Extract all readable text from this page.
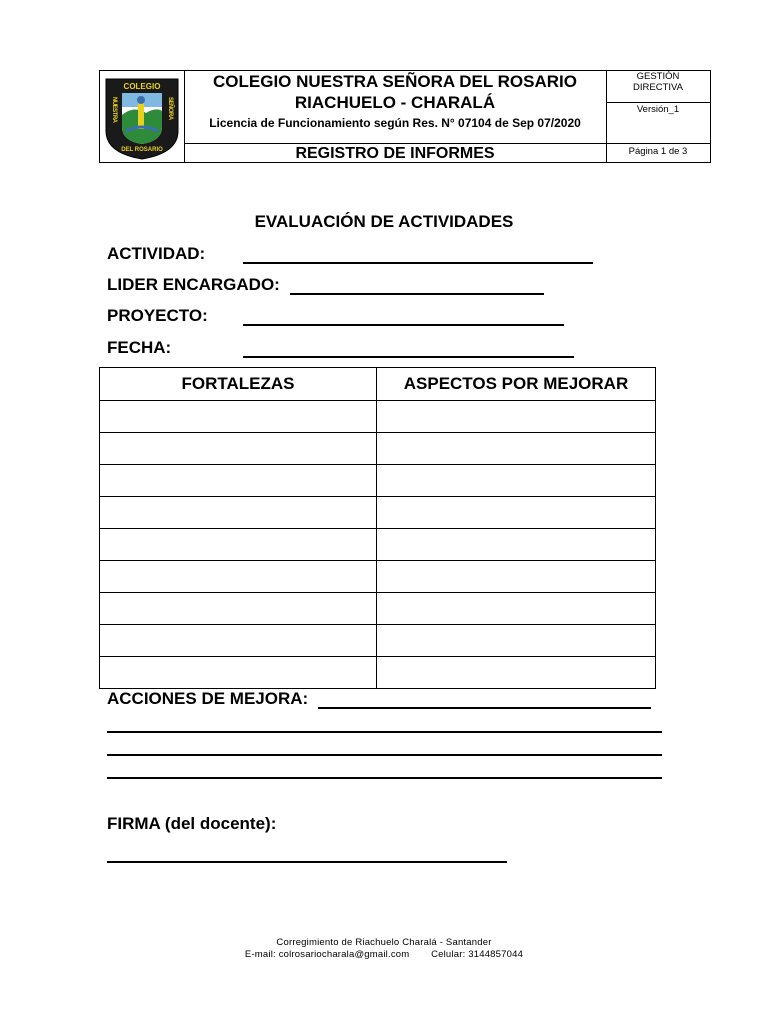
COLEGIO
NUESTRA	SEÑORA
DEL ROSARIO
COLEGIO NUESTRA SEÑORA DEL ROSARIO
RIACHUELO - CHARALÁ
Licencia de Funcionamiento según Res. N° 07104 de Sep 07/2020
REGISTRO DE INFORMES
GESTIÓN
DIRECTIVA
Versión_1
Página 1 de 3
EVALUACIÓN DE ACTIVIDADES
ACTIVIDAD:
LIDER ENCARGADO:
PROYECTO:
FECHA:
FORTALEZAS	ASPECTOS POR MEJORAR

ACCIONES DE MEJORA:
FIRMA (del docente):
Corregimiento de Riachuelo Charalá - Santander
E-mail: colrosariocharala@gmail.com Celular: 3144857044
